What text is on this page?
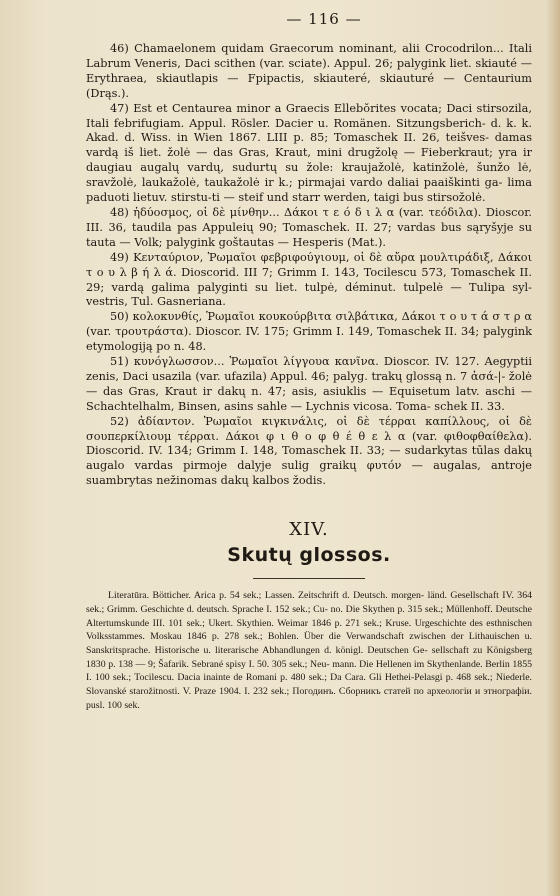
— 116 —

46) Chamaelonem quidam Graecorum nominant, alii Crocodrilon... Itali Labrum Veneris, Daci scithen (var. sciate). Appul. 26; palygink liet. skiauté — Erythraea, skiautlapis — Fpipactis, skiauteré, skiauturé — Centaurium (Drąs.).

47) Est et Centaurea minor a Graecis Ellebŏrites vocata; Daci stirsozila, Itali febrifugiam. Appul. Rösler. Dacier u. Romänen. Sitzungsberich- d. k. k. Akad. d. Wiss. in Wien 1867. LIII p. 85; Tomaschek II. 26, teišves- damas vardą iš liet. žolė — das Gras, Kraut, mini drugžolę — Fieberkraut; yra ir daugiau augalų vardų, sudurtų su žole: kraujažolė, katinžolė, šunžo lė, sravžolė, laukažolė, taukažolė ir k.; pirmajai vardo daliai paaiškinti ga- lima paduoti lietuv. stirstu-ti — steif und starr werden, taigi bus stirsožolė.

48) ἡδύοσμος, οἱ δὲ μίνθην... Δάκοι τ ε ό δ ι λ α (var. τεόδιλα). Dioscor. III. 36, taudila pas Appuleių 90; Tomaschek. II. 27; vardas bus sąryšyje su tauta — Volk; palygink goštautas — Hesperis (Mat.).

49) Κενταύριον, Ῥωμαῖοι φεβριφούγιουμ, οἱ δὲ αὔρα μουλτιράδιξ, Δάκοι τ ο υ λ β ή λ ά. Dioscorid. III 7; Grimm I. 143, Tocilescu 573, Tomaschek II. 29; vardą galima palyginti su liet. tulpė, déminut. tulpelė — Tulipa syl- vestris, Tul. Gasneriana.

50) κολοκυνθίς, Ῥωμαῖοι κουκούρβιτα σιλβάτικα, Δάκοι τ ο υ τ ά σ τ ρ α (var. τρουτράστα). Dioscor. IV. 175; Grimm I. 149, Tomaschek II. 34; palygink etymologiją po n. 48.

51) κυνόγλωσσον... Ῥωμαῖοι λίγγουα κανῖνα. Dioscor. IV. 127. Aegyptii zenis, Daci usazila (var. ufazila) Appul. 46; palyg. trakų glossą n. 7 ἀσά-|- žolė — das Gras, Kraut ir dakų n. 47; asis, asiuklis — Equisetum latv. aschi — Schachtelhalm, Binsen, asins sahle — Lychnis vicosa. Toma- schek II. 33.

52) ἀδίαντον. Ῥωμαῖοι κιγκινάλις, οἱ δὲ τέρραι καπίλλους, οἱ δὲ σουπερκίλιουμ τέρραι. Δάκοι φ ι θ ο φ θ έ θ ε λ α (var. φιθοφθαίθελα). Dioscorid. IV. 134; Grimm I. 148, Tomaschek II. 33; — sudarkytas tūlas dakų augalo vardas pirmoje dalyje sulig graikų φυτόν — augalas, antroje suambrytas nežinomas dakų kalbos žodis.

XIV.
Skutų glossos.

Literatūra. Bötticher. Arica p. 54 sek.; Lassen. Zeitschrift d. Deutsch. morgen- länd. Gesellschaft IV. 364 sek.; Grimm. Geschichte d. deutsch. Sprache I. 152 sek.; Cu- no. Die Skythen p. 315 sek.; Müllenhoff. Deutsche Altertumskunde III. 101 sek.; Ukert. Skythien. Weimar 1846 p. 271 sek.; Kruse. Urgeschichte des esthnischen Volksstammes. Moskau 1846 p. 278 sek.; Bohlen. Über die Verwandschaft zwischen der Lithauischen u. Sanskritsprache. Historische u. literarische Abhandlungen d. königl. Deutschen Ge- sellschaft zu Königsberg 1830 p. 138 — 9; Šafarik. Sebrané spisy I. 50. 305 sek.; Neu- mann. Die Hellenen im Skythenlande. Berlin 1855 I. 100 sek.; Tocilescu. Dacia inainte de Romani p. 480 sek.; Da Cara. Gli Hethei-Pelasgi p. 468 sek.; Niederle. Slovanské starožitnosti. V. Praze 1904. I. 232 sek.; Погодинъ. Сборникъ статей по археологіи и этнографіи. pusl. 100 sek.
